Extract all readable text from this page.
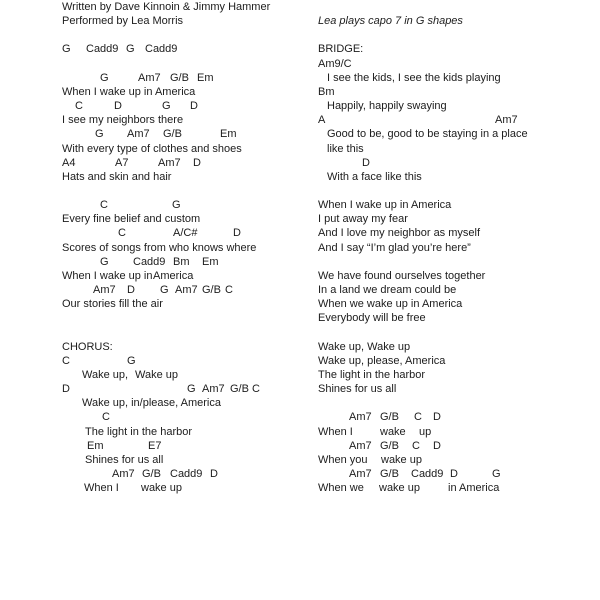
Written by Dave Kinnoin & Jimmy Hammer
Performed by Lea Morris
G Cadd9 G Cadd9
G	Am7 G/B Em
When I wake up in America
C	D	G D
I see my neighbors there
G Am7 G/B	Em
With every type of clothes and shoes
A4	A7	Am7 D
Hats and skin and hair
C	G
Every fine belief and custom
C	A/C#	D
Scores of songs from who knows where
G Cadd9 Bm Em
When I wake up in America
Am7 D G Am7 G/B C
Our stories fill the air
CHORUS:
C	G
Wake up, Wake up
D	G Am7 G/B C
Wake up, in/please, America
C
The light in the harbor
Em	E7
Shines for us all
Am7 G/B Cadd9 D
When I wake up
Lea plays capo 7 in G shapes
BRIDGE:
Am9/C
I see the kids, I see the kids playing
Bm
Happily, happily swaying
A	Am7
Good to be, good to be staying in a place
like this
D
With a face like this
When I wake up in America
I put away my fear
And I love my neighbor as myself
And I say “I’m glad you’re here”
We have found ourselves together
In a land we dream could be
When we wake up in America
Everybody will be free
Wake up, Wake up
Wake up, please, America
The light in the harbor
Shines for us all
Am7 G/B C D
When I wake up
Am7 G/B C D
When you wake up
Am7 G/B Cadd9 D	G
When we wake up	in America
